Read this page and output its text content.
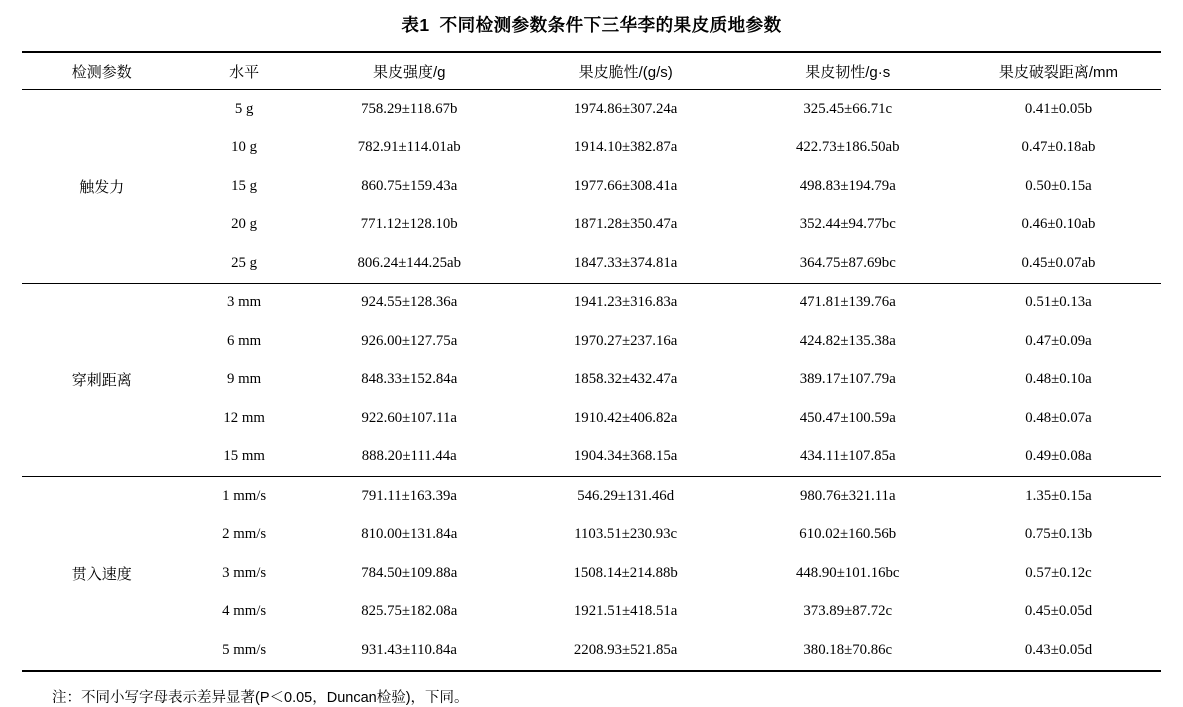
表1 不同检测参数条件下三华李的果皮质地参数
检测参数	水平	果皮强度/g	果皮脆性/(g/s)	果皮韧性/g·s	果皮破裂距离/mm
触发力	5 g	758.29±118.67b	1974.86±307.24a	325.45±66.71c	0.41±0.05b
	10 g	782.91±114.01ab	1914.10±382.87a	422.73±186.50ab	0.47±0.18ab
	15 g	860.75±159.43a	1977.66±308.41a	498.83±194.79a	0.50±0.15a
	20 g	771.12±128.10b	1871.28±350.47a	352.44±94.77bc	0.46±0.10ab
	25 g	806.24±144.25ab	1847.33±374.81a	364.75±87.69bc	0.45±0.07ab
穿刺距离	3 mm	924.55±128.36a	1941.23±316.83a	471.81±139.76a	0.51±0.13a
	6 mm	926.00±127.75a	1970.27±237.16a	424.82±135.38a	0.47±0.09a
	9 mm	848.33±152.84a	1858.32±432.47a	389.17±107.79a	0.48±0.10a
	12 mm	922.60±107.11a	1910.42±406.82a	450.47±100.59a	0.48±0.07a
	15 mm	888.20±111.44a	1904.34±368.15a	434.11±107.85a	0.49±0.08a
贯入速度	1 mm/s	791.11±163.39a	546.29±131.46d	980.76±321.11a	1.35±0.15a
	2 mm/s	810.00±131.84a	1103.51±230.93c	610.02±160.56b	0.75±0.13b
	3 mm/s	784.50±109.88a	1508.14±214.88b	448.90±101.16bc	0.57±0.12c
	4 mm/s	825.75±182.08a	1921.51±418.51a	373.89±87.72c	0.45±0.05d
	5 mm/s	931.43±110.84a	2208.93±521.85a	380.18±70.86c	0.43±0.05d
注：不同小写字母表示差异显著(P＜0.05，Duncan检验)，下同。
